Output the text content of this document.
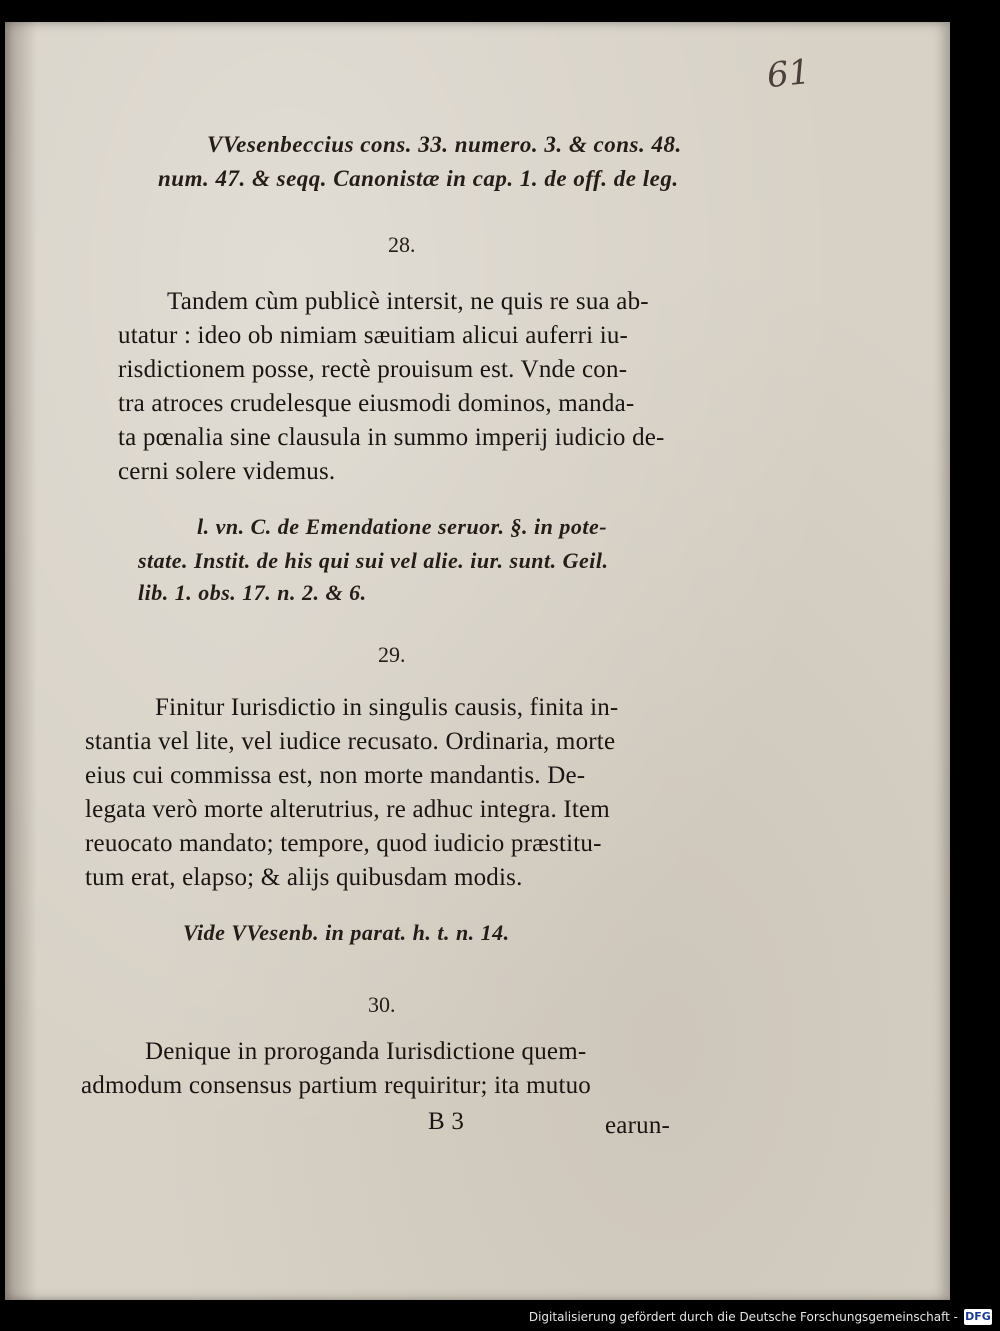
61
VVesenbeccius cons. 33. numero. 3. & cons. 48.
num. 47. & seqq. Canonistæ in cap. 1. de off. de leg.
28.
Tandem cùm publicè intersit, ne quis re sua ab-
utatur : ideo ob nimiam sæuitiam alicui auferri iu-
risdictionem posse, rectè prouisum est. Vnde con-
tra atroces crudelesque eiusmodi dominos, manda-
ta pœnalia sine clausula in summo imperij iudicio de-
cerni solere videmus.
l. vn. C. de Emendatione seruor. §. in pote-
state. Instit. de his qui sui vel alie. iur. sunt. Geil.
lib. 1. obs. 17. n. 2. & 6.
29.
Finitur Iurisdictio in singulis causis, finita in-
stantia vel lite, vel iudice recusato. Ordinaria, morte
eius cui commissa est, non morte mandantis. De-
legata verò morte alterutrius, re adhuc integra. Item
reuocato mandato; tempore, quod iudicio præstitu-
tum erat, elapso; & alijs quibusdam modis.
Vide VVesenb. in parat. h. t. n. 14.
30.
Denique in proroganda Iurisdictione quem-
admodum consensus partium requiritur; ita mutuo
B 3	earun-
Digitalisierung gefördert durch die Deutsche Forschungsgemeinschaft - DFG
